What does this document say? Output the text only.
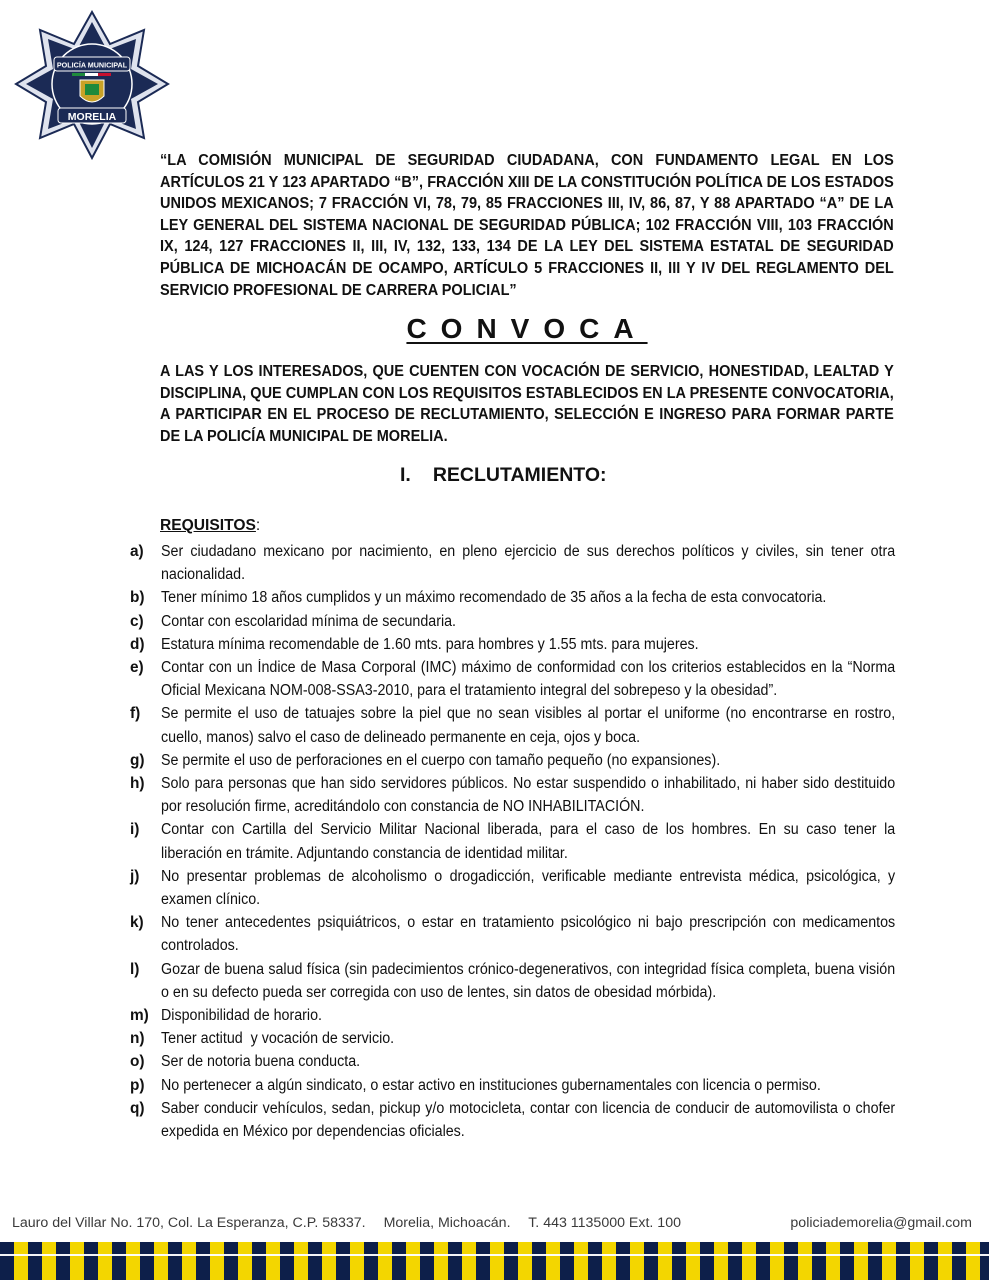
POLICÍA MUNICIPAL
MORELIA

“LA COMISIÓN MUNICIPAL DE SEGURIDAD CIUDADANA, CON FUNDAMENTO LEGAL EN LOS ARTÍCULOS 21 Y 123 APARTADO “B”, FRACCIÓN XIII DE LA CONSTITUCIÓN POLÍTICA DE LOS ESTADOS UNIDOS MEXICANOS; 7 FRACCIÓN VI, 78, 79, 85 FRACCIONES III, IV, 86, 87, Y 88 APARTADO “A” DE LA LEY GENERAL DEL SISTEMA NACIONAL DE SEGURIDAD PÚBLICA; 102 FRACCIÓN VIII, 103 FRACCIÓN IX, 124, 127 FRACCIONES II, III, IV, 132, 133, 134 DE LA LEY DEL SISTEMA ESTATAL DE SEGURIDAD PÚBLICA DE MICHOACÁN DE OCAMPO, ARTÍCULO 5 FRACCIONES II, III Y IV DEL REGLAMENTO DEL SERVICIO PROFESIONAL DE CARRERA POLICIAL”

CONVOCA

A LAS Y LOS INTERESADOS, QUE CUENTEN CON VOCACIÓN DE SERVICIO, HONESTIDAD, LEALTAD Y DISCIPLINA, QUE CUMPLAN CON LOS REQUISITOS ESTABLECIDOS EN LA PRESENTE CONVOCATORIA, A PARTICIPAR EN EL PROCESO DE RECLUTAMIENTO, SELECCIÓN E INGRESO PARA FORMAR PARTE DE LA POLICÍA MUNICIPAL DE MORELIA.

I. RECLUTAMIENTO:
REQUISITOS:
a)	Ser ciudadano mexicano por nacimiento, en pleno ejercicio de sus derechos políticos y civiles, sin tener otra nacionalidad.
b)	Tener mínimo 18 años cumplidos y un máximo recomendado de 35 años a la fecha de esta convocatoria.
c)	Contar con escolaridad mínima de secundaria.
d)	Estatura mínima recomendable de 1.60 mts. para hombres y 1.55 mts. para mujeres.
e)	Contar con un Índice de Masa Corporal (IMC) máximo de conformidad con los criterios establecidos en la “Norma Oficial Mexicana NOM-008-SSA3-2010, para el tratamiento integral del sobrepeso y la obesidad”.
f)	Se permite el uso de tatuajes sobre la piel que no sean visibles al portar el uniforme (no encontrarse en rostro, cuello, manos) salvo el caso de delineado permanente en ceja, ojos y boca.
g)	Se permite el uso de perforaciones en el cuerpo con tamaño pequeño (no expansiones).
h)	Solo para personas que han sido servidores públicos. No estar suspendido o inhabilitado, ni haber sido destituido por resolución firme, acreditándolo con constancia de NO INHABILITACIÓN.
i)	Contar con Cartilla del Servicio Militar Nacional liberada, para el caso de los hombres. En su caso tener la liberación en trámite. Adjuntando constancia de identidad militar.
j)	No presentar problemas de alcoholismo o drogadicción, verificable mediante entrevista médica, psicológica, y examen clínico.
k)	No tener antecedentes psiquiátricos, o estar en tratamiento psicológico ni bajo prescripción con medicamentos controlados.
l)	Gozar de buena salud física (sin padecimientos crónico-degenerativos, con integridad física completa, buena visión o en su defecto pueda ser corregida con uso de lentes, sin datos de obesidad mórbida).
m) Disponibilidad de horario.
n)	Tener actitud  y vocación de servicio.
o)	Ser de notoria buena conducta.
p)	No pertenecer a algún sindicato, o estar activo en instituciones gubernamentales con licencia o permiso.
q)	Saber conducir vehículos, sedan, pickup y/o motocicleta, contar con licencia de conducir de automovilista o chofer expedida en México por dependencias oficiales.
Lauro del Villar No. 170, Col. La Esperanza, C.P. 58337. Morelia, Michoacán. T. 443 1135000 Ext. 100	policiademorelia@gmail.com
